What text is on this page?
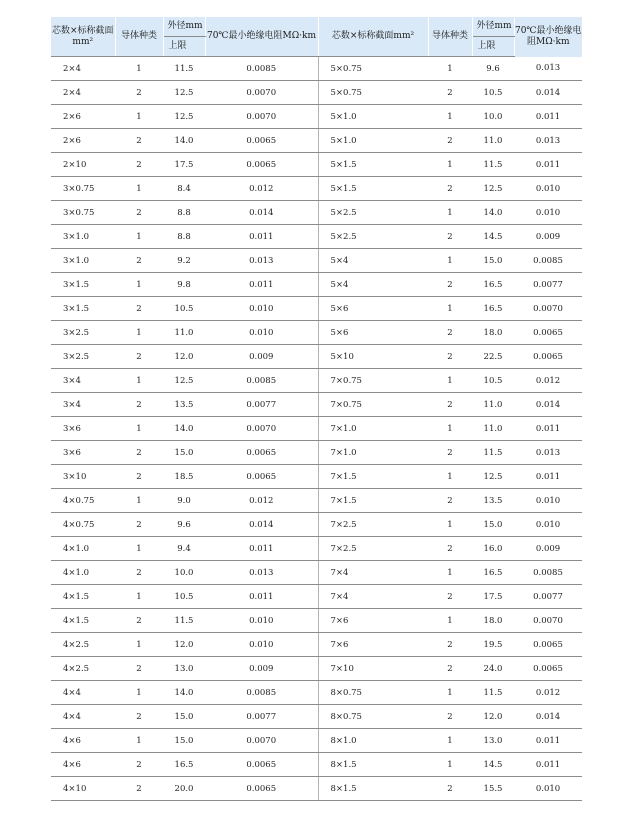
芯数×标称截面mm²	导体种类	外径mm	70℃最小绝缘电阻MΩ·km	芯数×标称截面mm²	导体种类	外径mm	70℃最小绝缘电阻MΩ·km
		上限				上限	
2×4	1	11.5	0.0085	5×0.75	1	9.6	0.013
2×4	2	12.5	0.0070	5×0.75	2	10.5	0.014
2×6	1	12.5	0.0070	5×1.0	1	10.0	0.011
2×6	2	14.0	0.0065	5×1.0	2	11.0	0.013
2×10	2	17.5	0.0065	5×1.5	1	11.5	0.011
3×0.75	1	8.4	0.012	5×1.5	2	12.5	0.010
3×0.75	2	8.8	0.014	5×2.5	1	14.0	0.010
3×1.0	1	8.8	0.011	5×2.5	2	14.5	0.009
3×1.0	2	9.2	0.013	5×4	1	15.0	0.0085
3×1.5	1	9.8	0.011	5×4	2	16.5	0.0077
3×1.5	2	10.5	0.010	5×6	1	16.5	0.0070
3×2.5	1	11.0	0.010	5×6	2	18.0	0.0065
3×2.5	2	12.0	0.009	5×10	2	22.5	0.0065
3×4	1	12.5	0.0085	7×0.75	1	10.5	0.012
3×4	2	13.5	0.0077	7×0.75	2	11.0	0.014
3×6	1	14.0	0.0070	7×1.0	1	11.0	0.011
3×6	2	15.0	0.0065	7×1.0	2	11.5	0.013
3×10	2	18.5	0.0065	7×1.5	1	12.5	0.011
4×0.75	1	9.0	0.012	7×1.5	2	13.5	0.010
4×0.75	2	9.6	0.014	7×2.5	1	15.0	0.010
4×1.0	1	9.4	0.011	7×2.5	2	16.0	0.009
4×1.0	2	10.0	0.013	7×4	1	16.5	0.0085
4×1.5	1	10.5	0.011	7×4	2	17.5	0.0077
4×1.5	2	11.5	0.010	7×6	1	18.0	0.0070
4×2.5	1	12.0	0.010	7×6	2	19.5	0.0065
4×2.5	2	13.0	0.009	7×10	2	24.0	0.0065
4×4	1	14.0	0.0085	8×0.75	1	11.5	0.012
4×4	2	15.0	0.0077	8×0.75	2	12.0	0.014
4×6	1	15.0	0.0070	8×1.0	1	13.0	0.011
4×6	2	16.5	0.0065	8×1.5	1	14.5	0.011
4×10	2	20.0	0.0065	8×1.5	2	15.5	0.010
